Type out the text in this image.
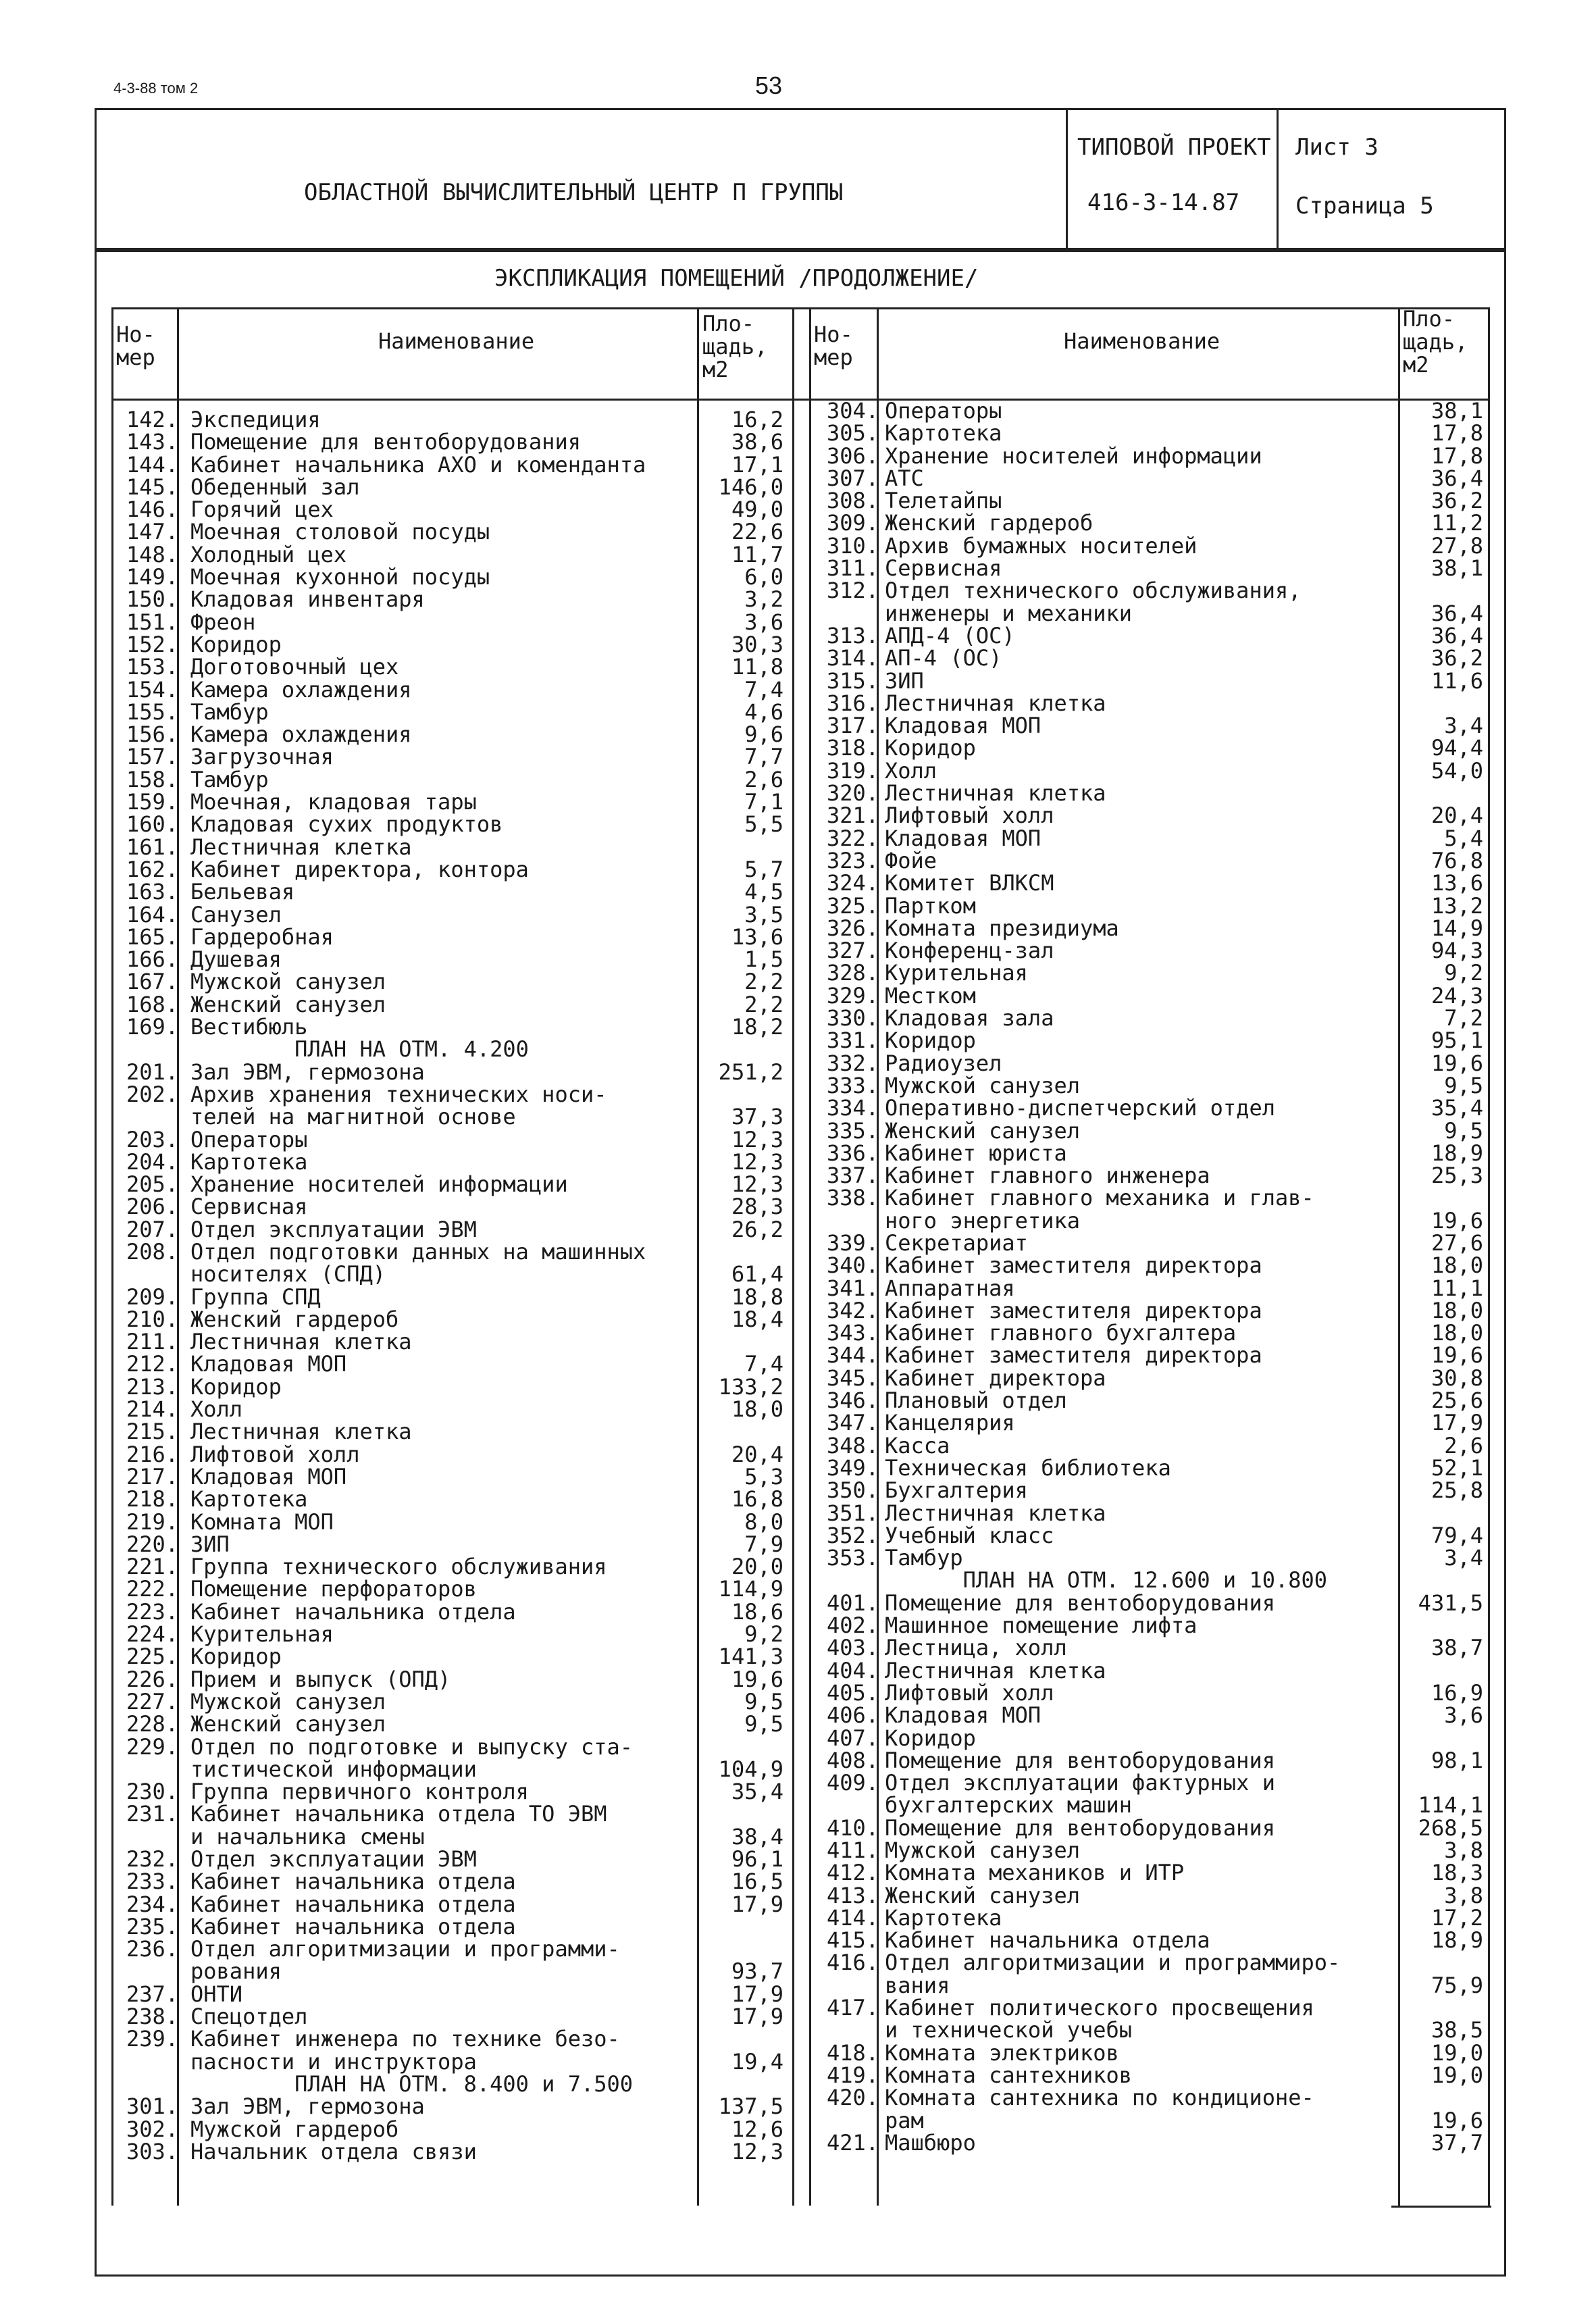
4-3-88 том 2	53
ОБЛАСТНОЙ ВЫЧИСЛИТЕЛЬНЫЙ ЦЕНТР П ГРУППЫ
ТИПОВОЙ ПРОЕКТ
416-3-14.87
Лист 3
Страница 5
ЭКСПЛИКАЦИЯ ПОМЕЩЕНИЙ /ПРОДОЛЖЕНИЕ/
Но-
мер
Наименование
Пло-
щадь,
м2
Но-
мер
Наименование
Пло-
щадь,
м2
142.
143.
144.
145.
146.
147.
148.
149.
150.
151.
152.
153.
154.
155.
156.
157.
158.
159.
160.
161.
162.
163.
164.
165.
166.
167.
168.
169.

201.
202.

203.
204.
205.
206.
207.
208.

209.
210.
211.
212.
213.
214.
215.
216.
217.
218.
219.
220.
221.
222.
223.
224.
225.
226.
227.
228.
229.

230.
231.

232.
233.
234.
235.
236.

237.
238.
239.

301.
302.
303.
Экспедиция
Помещение для вентоборудования
Кабинет начальника АХО и коменданта
Обеденный зал
Горячий цех
Моечная столовой посуды
Холодный цех
Моечная кухонной посуды
Кладовая инвентаря
Фреон
Коридор
Доготовочный цех
Камера охлаждения
Тамбур
Камера охлаждения
Загрузочная
Тамбур
Моечная, кладовая тары
Кладовая сухих продуктов
Лестничная клетка
Кабинет директора, контора
Бельевая
Санузел
Гардеробная
Душевая
Мужской санузел
Женский санузел
Вестибюль
ПЛАН НА ОТМ. 4.200
Зал ЭВМ, гермозона
Архив хранения технических носи-
телей на магнитной основе
Операторы
Картотека
Хранение носителей информации
Сервисная
Отдел эксплуатации ЭВМ
Отдел подготовки данных на машинных
носителях (СПД)
Группа СПД
Женский гардероб
Лестничная клетка
Кладовая МОП
Коридор
Холл
Лестничная клетка
Лифтовой холл
Кладовая МОП
Картотека
Комната МОП
ЗИП
Группа технического обслуживания
Помещение перфораторов
Кабинет начальника отдела
Курительная
Коридор
Прием и выпуск (ОПД)
Мужской санузел
Женский санузел
Отдел по подготовке и выпуску ста-
тистической информации
Группа первичного контроля
Кабинет начальника отдела ТО ЭВМ
и начальника смены
Отдел эксплуатации ЭВМ
Кабинет начальника отдела
Кабинет начальника отдела
Кабинет начальника отдела
Отдел алгоритмизации и программи-
рования
ОНТИ
Спецотдел
Кабинет инженера по технике безо-
пасности и инструктора
ПЛАН НА ОТМ. 8.400 и 7.500
Зал ЭВМ, гермозона
Мужской гардероб
Начальник отдела связи
16,2
38,6
17,1
146,0
49,0
22,6
11,7
6,0
3,2
3,6
30,3
11,8
7,4
4,6
9,6
7,7
2,6
7,1
5,5

5,7
4,5
3,5
13,6
1,5
2,2
2,2
18,2

251,2

37,3
12,3
12,3
12,3
28,3
26,2

61,4
18,8
18,4

7,4
133,2
18,0

20,4
5,3
16,8
8,0
7,9
20,0
114,9
18,6
9,2
141,3
19,6
9,5
9,5

104,9
35,4

38,4
96,1
16,5
17,9

93,7
17,9
17,9

19,4

137,5
12,6
12,3
304.
305.
306.
307.
308.
309.
310.
311.
312.

313.
314.
315.
316.
317.
318.
319.
320.
321.
322.
323.
324.
325.
326.
327.
328.
329.
330.
331.
332.
333.
334.
335.
336.
337.
338.

339.
340.
341.
342.
343.
344.
345.
346.
347.
348.
349.
350.
351.
352.
353.

401.
402.
403.
404.
405.
406.
407.
408.
409.

410.
411.
412.
413.
414.
415.
416.

417.

418.
419.
420.

421.
Операторы
Картотека
Хранение носителей информации
АТС
Телетайпы
Женский гардероб
Архив бумажных носителей
Сервисная
Отдел технического обслуживания,
инженеры и механики
АПД-4 (ОС)
АП-4 (ОС)
ЗИП
Лестничная клетка
Кладовая МОП
Коридор
Холл
Лестничная клетка
Лифтовый холл
Кладовая МОП
Фойе
Комитет ВЛКСМ
Партком
Комната президиума
Конференц-зал
Курительная
Местком
Кладовая зала
Коридор
Радиоузел
Мужской санузел
Оперативно-диспетчерский отдел
Женский санузел
Кабинет юриста
Кабинет главного инженера
Кабинет главного механика и глав-
ного энергетика
Секретариат
Кабинет заместителя директора
Аппаратная
Кабинет заместителя директора
Кабинет главного бухгалтера
Кабинет заместителя директора
Кабинет директора
Плановый отдел
Канцелярия
Касса
Техническая библиотека
Бухгалтерия
Лестничная клетка
Учебный класс
Тамбур
ПЛАН НА ОТМ. 12.600 и 10.800
Помещение для вентоборудования
Машинное помещение лифта
Лестница, холл
Лестничная клетка
Лифтовый холл
Кладовая МОП
Коридор
Помещение для вентоборудования
Отдел эксплуатации фактурных и
бухгалтерских машин
Помещение для вентоборудования
Мужской санузел
Комната механиков и ИТР
Женский санузел
Картотека
Кабинет начальника отдела
Отдел алгоритмизации и программиро-
вания
Кабинет политического просвещения
и технической учебы
Комната электриков
Комната сантехников
Комната сантехника по кондиционе-
рам
Машбюро
38,1
17,8
17,8
36,4
36,2
11,2
27,8
38,1

36,4
36,4
36,2
11,6

3,4
94,4
54,0

20,4
5,4
76,8
13,6
13,2
14,9
94,3
9,2
24,3
7,2
95,1
19,6
9,5
35,4
9,5
18,9
25,3

19,6
27,6
18,0
11,1
18,0
18,0
19,6
30,8
25,6
17,9
2,6
52,1
25,8

79,4
3,4

431,5

38,7

16,9
3,6

98,1

114,1
268,5
3,8
18,3
3,8
17,2
18,9

75,9

38,5
19,0
19,0

19,6
37,7
